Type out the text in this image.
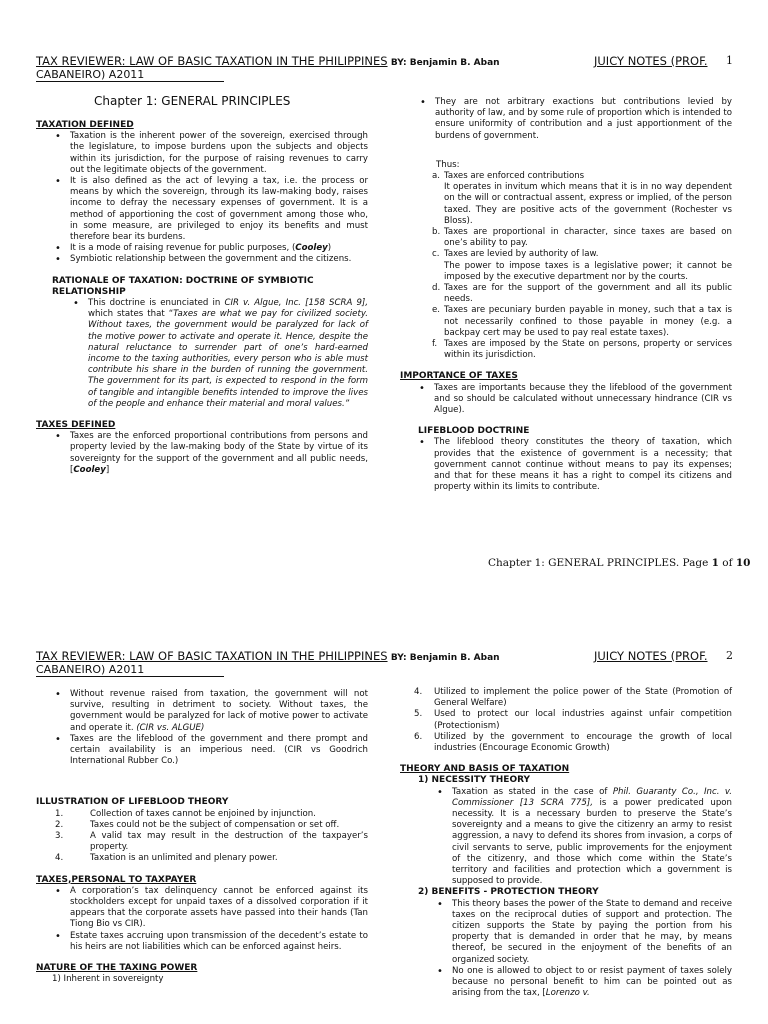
TAX REVIEWER: LAW OF BASIC TAXATION IN THE PHILIPPINES BY: Benjamin B. Aban	JUICY NOTES (PROF. 1

CABANEIRO) A2011
Chapter 1: GENERAL PRINCIPLES
TAXATION DEFINED
• Taxation is the inherent power of the sovereign, exercised through the legislature, to impose burdens upon the subjects and objects within its jurisdiction, for the purpose of raising revenues to carry out the legitimate objects of the government.
• It is also defined as the act of levying a tax, i.e. the process or means by which the sovereign, through its law-making body, raises income to defray the necessary expenses of government. It is a method of apportioning the cost of government among those who, in some measure, are privileged to enjoy its benefits and must therefore bear its burdens.
• It is a mode of raising revenue for public purposes, (Cooley)
• Symbiotic relationship between the government and the citizens.
RATIONALE OF TAXATION: DOCTRINE OF SYMBIOTIC RELATIONSHIP
• This doctrine is enunciated in CIR v. Algue, Inc. [158 SCRA 9], which states that “Taxes are what we pay for civilized society. Without taxes, the government would be paralyzed for lack of the motive power to activate and operate it. Hence, despite the natural reluctance to surrender part of one’s hard-earned income to the taxing authorities, every person who is able must contribute his share in the burden of running the government. The government for its part, is expected to respond in the form of tangible and intangible benefits intended to improve the lives of the people and enhance their material and moral values.”
TAXES DEFINED
• Taxes are the enforced proportional contributions from persons and property levied by the law-making body of the State by virtue of its sovereignty for the support of the government and all public needs, [Cooley]
• They are not arbitrary exactions but contributions levied by authority of law, and by some rule of proportion which is intended to ensure uniformity of contribution and a just apportionment of the burdens of government.
Thus:
a. Taxes are enforced contributions
It operates in invitum which means that it is in no way dependent on the will or contractual assent, express or implied, of the person taxed. They are positive acts of the government (Rochester vs Bloss).
b. Taxes are proportional in character, since taxes are based on one’s ability to pay.
c. Taxes are levied by authority of law.
The power to impose taxes is a legislative power; it cannot be imposed by the executive department nor by the courts.
d. Taxes are for the support of the government and all its public needs.
e. Taxes are pecuniary burden payable in money, such that a tax is not necessarily confined to those payable in money (e.g. a backpay cert may be used to pay real estate taxes).
f. Taxes are imposed by the State on persons, property or services within its jurisdiction.
IMPORTANCE OF TAXES
• Taxes are importants because they the lifeblood of the government and so should be calculated without unnecessary hindrance (CIR vs Algue).
LIFEBLOOD DOCTRINE
• The lifeblood theory constitutes the theory of taxation, which provides that the existence of government is a necessity; that government cannot continue without means to pay its expenses; and that for these means it has a right to compel its citizens and property within its limits to contribute.
Chapter 1: GENERAL PRINCIPLES. Page 1 of 10
TAX REVIEWER: LAW OF BASIC TAXATION IN THE PHILIPPINES BY: Benjamin B. Aban	JUICY NOTES (PROF. 2

CABANEIRO) A2011
• Without revenue raised from taxation, the government will not survive, resulting in detriment to society. Without taxes, the government would be paralyzed for lack of motive power to activate and operate it. (CIR vs. ALGUE)
• Taxes are the lifeblood of the government and there prompt and certain availability is an imperious need. (CIR vs Goodrich International Rubber Co.)
ILLUSTRATION OF LIFEBLOOD THEORY
1.	Collection of taxes cannot be enjoined by injunction.
2.	Taxes could not be the subject of compensation or set off.
3.	A valid tax may result in the destruction of the taxpayer’s property.
4.	Taxation is an unlimited and plenary power.
TAXES,PERSONAL TO TAXPAYER
• A corporation’s tax delinquency cannot be enforced against its stockholders except for unpaid taxes of a dissolved corporation if it appears that the corporate assets have passed into their hands (Tan Tiong Bio vs CIR).
• Estate taxes accruing upon transmission of the decedent’s estate to his heirs are not liabilities which can be enforced against heirs.
NATURE OF THE TAXING POWER
1) Inherent in sovereignty
4. Utilized to implement the police power of the State (Promotion of General Welfare)
5. Used to protect our local industries against unfair competition (Protectionism)
6. Utilized by the government to encourage the growth of local industries (Encourage Economic Growth)
THEORY AND BASIS OF TAXATION
1) NECESSITY THEORY
• Taxation as stated in the case of Phil. Guaranty Co., Inc. v. Commissioner [13 SCRA 775], is a power predicated upon necessity. It is a necessary burden to preserve the State’s sovereignty and a means to give the citizenry an army to resist aggression, a navy to defend its shores from invasion, a corps of civil servants to serve, public improvements for the enjoyment of the citizenry, and those which come within the State’s territory and facilities and protection which a government is supposed to provide.
2) BENEFITS - PROTECTION THEORY
• This theory bases the power of the State to demand and receive taxes on the reciprocal duties of support and protection. The citizen supports the State by paying the portion from his property that is demanded in order that he may, by means thereof, be secured in the enjoyment of the benefits of an organized society.
• No one is allowed to object to or resist payment of taxes solely because no personal benefit to him can be pointed out as arising from the tax, [Lorenzo v.
